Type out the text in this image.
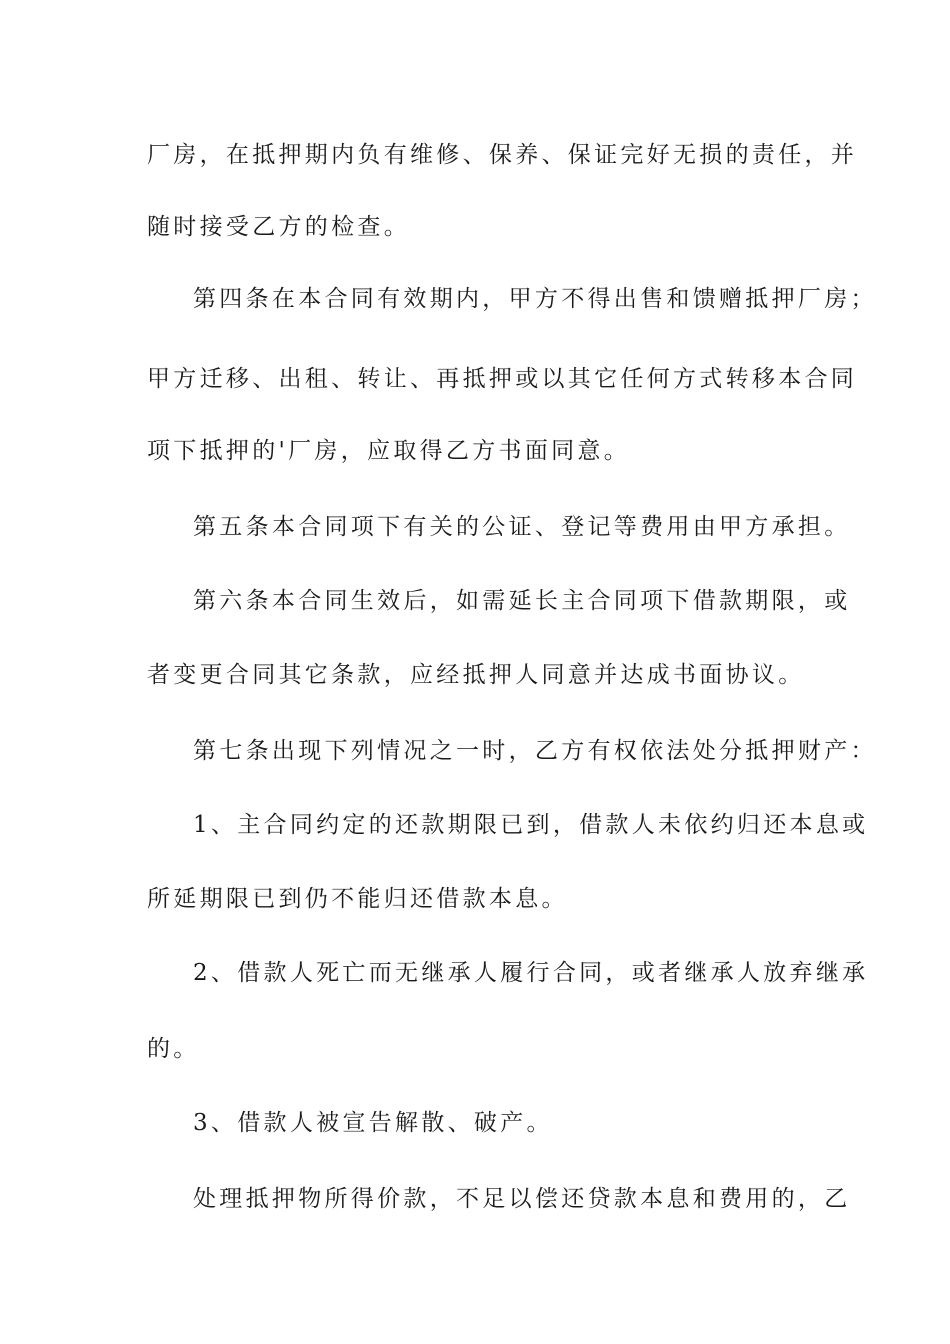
厂房，在抵押期内负有维修、保养、保证完好无损的责任，并
随时接受乙方的检查。
第四条在本合同有效期内，甲方不得出售和馈赠抵押厂房；
甲方迁移、出租、转让、再抵押或以其它任何方式转移本合同
项下抵押的'厂房，应取得乙方书面同意。
第五条本合同项下有关的公证、登记等费用由甲方承担。
第六条本合同生效后，如需延长主合同项下借款期限，或
者变更合同其它条款，应经抵押人同意并达成书面协议。
第七条出现下列情况之一时，乙方有权依法处分抵押财产：
1、主合同约定的还款期限已到，借款人未依约归还本息或
所延期限已到仍不能归还借款本息。
2、借款人死亡而无继承人履行合同，或者继承人放弃继承
的。
3、借款人被宣告解散、破产。
处理抵押物所得价款，不足以偿还贷款本息和费用的，乙
